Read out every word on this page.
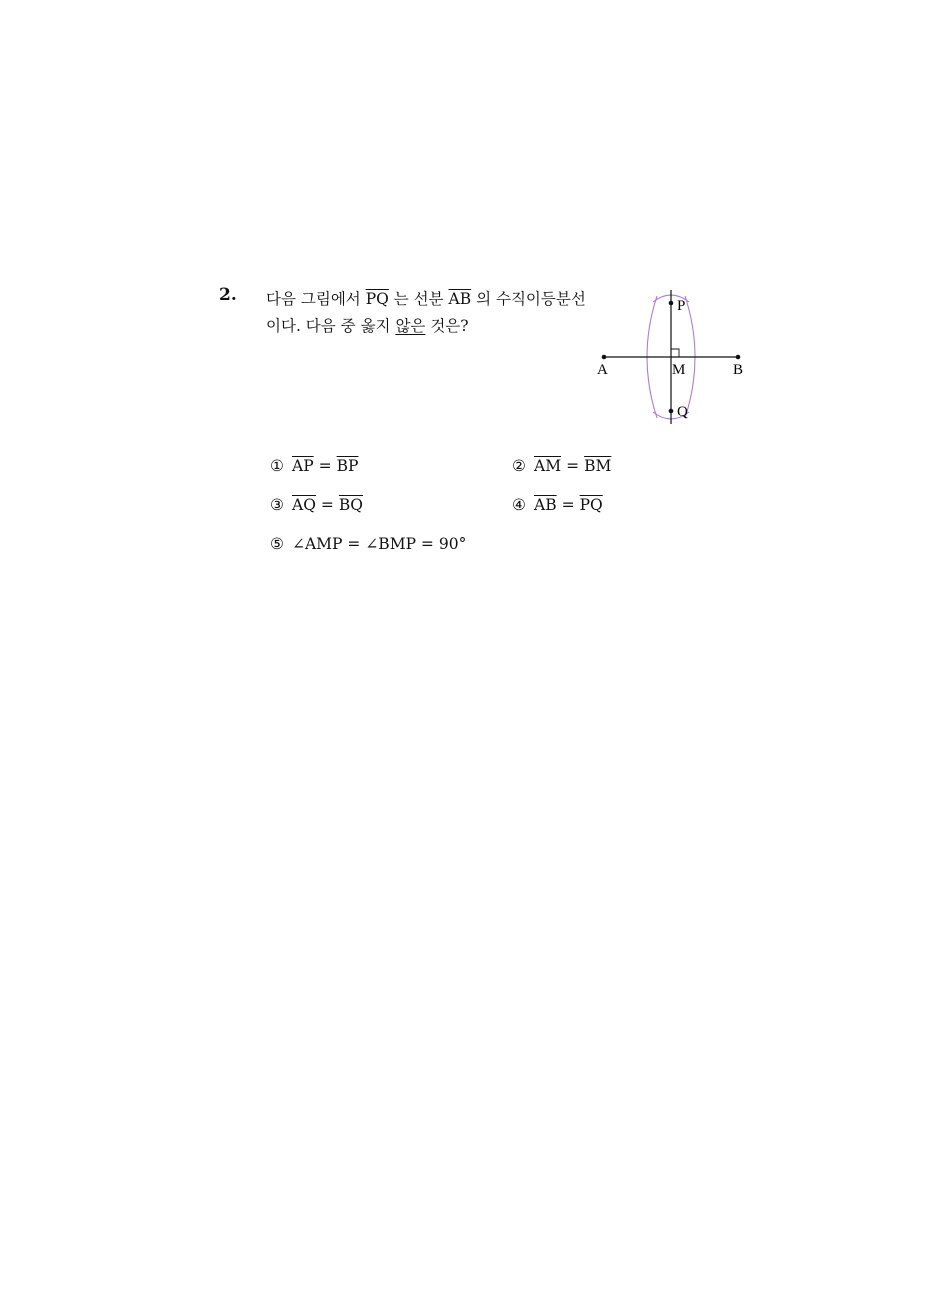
2. 다음 그림에서 $\overline{PQ}$ 는 선분 $\overline{AB}$ 의 수직이등분선
이다. 다음 중 옳지 않은 것은?
A	B
M
P
Q
① $\overline{AP} = \overline{BP}$	② $\overline{AM} = \overline{BM}$
③ $\overline{AQ} = \overline{BQ}$	④ $\overline{AB} = \overline{PQ}$
⑤ ∠AMP = ∠BMP = 90°
